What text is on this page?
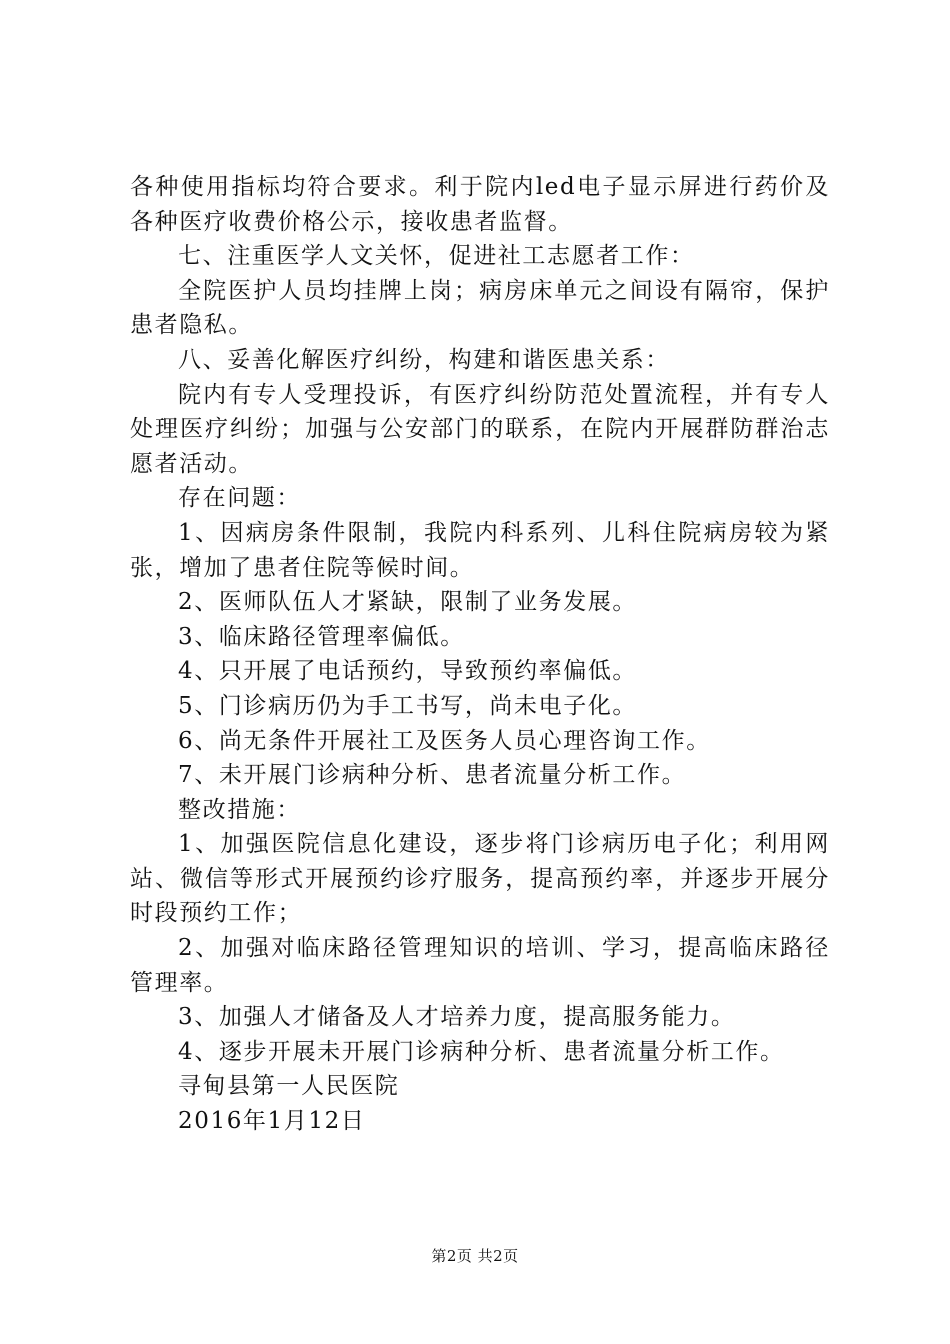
各种使用指标均符合要求。利于院内led电子显示屏进行药价及各种医疗收费价格公示，接收患者监督。

七、注重医学人文关怀，促进社工志愿者工作：

全院医护人员均挂牌上岗；病房床单元之间设有隔帘，保护患者隐私。

八、妥善化解医疗纠纷，构建和谐医患关系：

院内有专人受理投诉，有医疗纠纷防范处置流程，并有专人处理医疗纠纷；加强与公安部门的联系，在院内开展群防群治志愿者活动。

存在问题：

1、因病房条件限制，我院内科系列、儿科住院病房较为紧张，增加了患者住院等候时间。

2、医师队伍人才紧缺，限制了业务发展。

3、临床路径管理率偏低。

4、只开展了电话预约，导致预约率偏低。

5、门诊病历仍为手工书写，尚未电子化。

6、尚无条件开展社工及医务人员心理咨询工作。

7、未开展门诊病种分析、患者流量分析工作。

整改措施：

1、加强医院信息化建设，逐步将门诊病历电子化；利用网站、微信等形式开展预约诊疗服务，提高预约率，并逐步开展分时段预约工作；

2、加强对临床路径管理知识的培训、学习，提高临床路径管理率。

3、加强人才储备及人才培养力度，提高服务能力。

4、逐步开展未开展门诊病种分析、患者流量分析工作。

寻甸县第一人民医院

2016年1月12日

第2页 共2页
